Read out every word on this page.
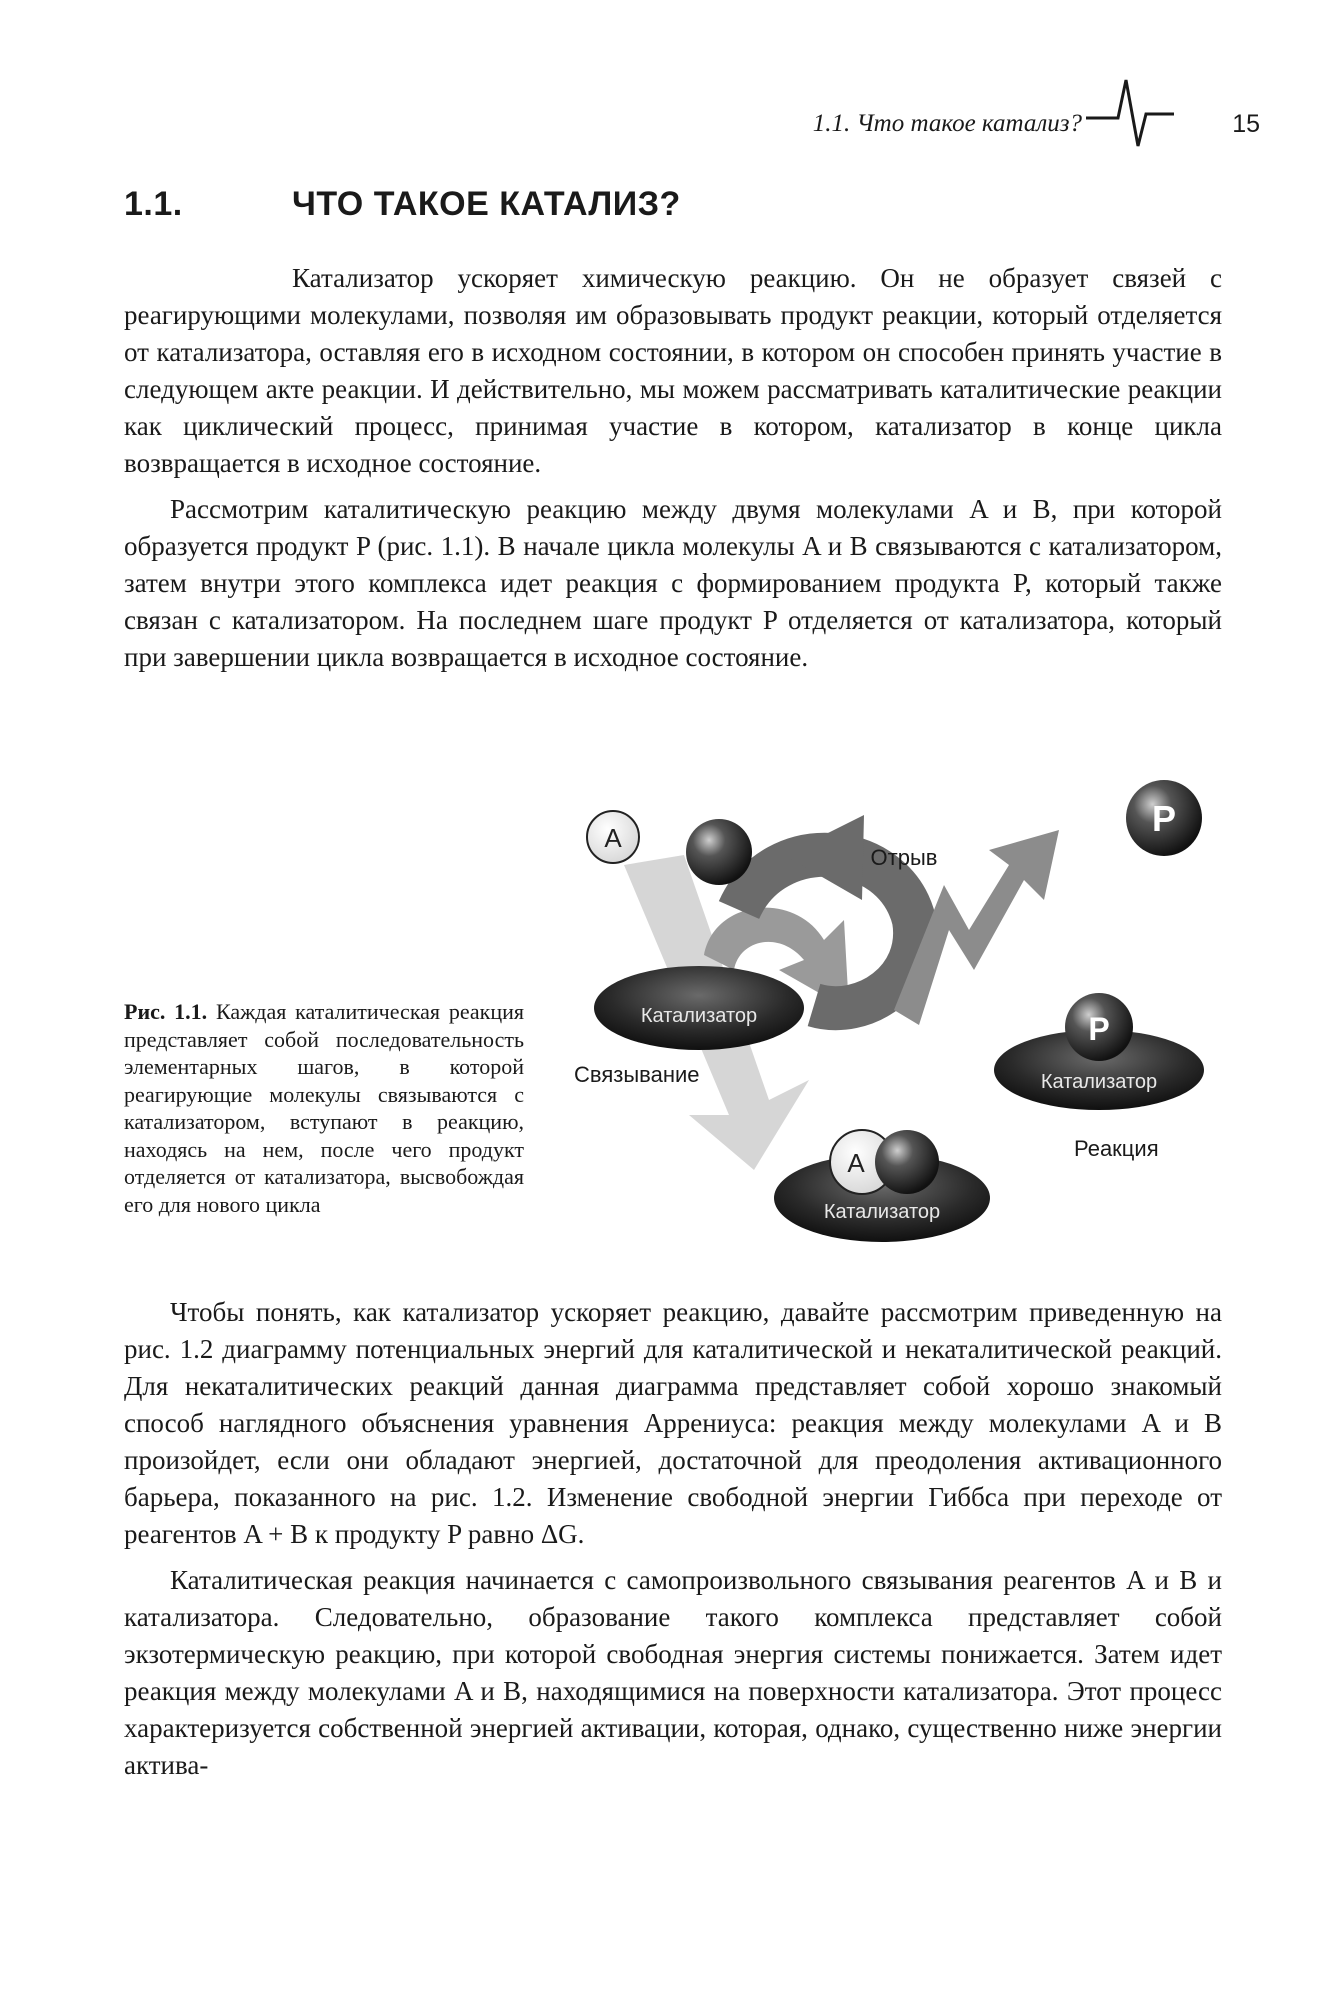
1.1. Что такое катализ?	15
1.1.	ЧТО ТАКОЕ КАТАЛИЗ?

Катализатор ускоряет химическую реакцию. Он не образует связей с реагирующими молекулами, позволяя им образовывать продукт реакции, который отделяется от катализатора, оставляя его в исходном состоянии, в котором он способен принять участие в следующем акте реакции. И действительно, мы можем рассматривать каталитические реакции как циклический процесс, принимая участие в котором, катализатор в конце цикла возвращается в исходное состояние.

Рассмотрим каталитическую реакцию между двумя молекулами A и B, при которой образуется продукт P (рис. 1.1). В начале цикла молекулы A и B связываются с катализатором, затем внутри этого комплекса идет реакция с формированием продукта P, который также связан с катализатором. На последнем шаге продукт P отделяется от катализатора, который при завершении цикла возвращается в исходное состояние.

Рис. 1.1. Каждая каталитическая реакция представляет собой последовательность элементарных шагов, в которой реагирующие молекулы связываются с катализатором, вступают в реакцию, находясь на нем, после чего продукт отделяется от катализатора, высвобождая его для нового цикла
A	P
Катализатор	P
Катализатор
A
Катализатор
Отрыв
Связывание
Реакция

Чтобы понять, как катализатор ускоряет реакцию, давайте рассмотрим приведенную на рис. 1.2 диаграмму потенциальных энергий для каталитической и некаталитической реакций. Для некаталитических реакций данная диаграмма представляет собой хорошо знакомый способ наглядного объяснения уравнения Аррениуса: реакция между молекулами A и B произойдет, если они обладают энергией, достаточной для преодоления активационного барьера, показанного на рис. 1.2. Изменение свободной энергии Гиббса при переходе от реагентов A + B к продукту P равно ΔG.

Каталитическая реакция начинается с самопроизвольного связывания реагентов A и B и катализатора. Следовательно, образование такого комплекса представляет собой экзотермическую реакцию, при которой свободная энергия системы понижается. Затем идет реакция между молекулами A и B, находящимися на поверхности катализатора. Этот процесс характеризуется собственной энергией активации, которая, однако, существенно ниже энергии актива-
